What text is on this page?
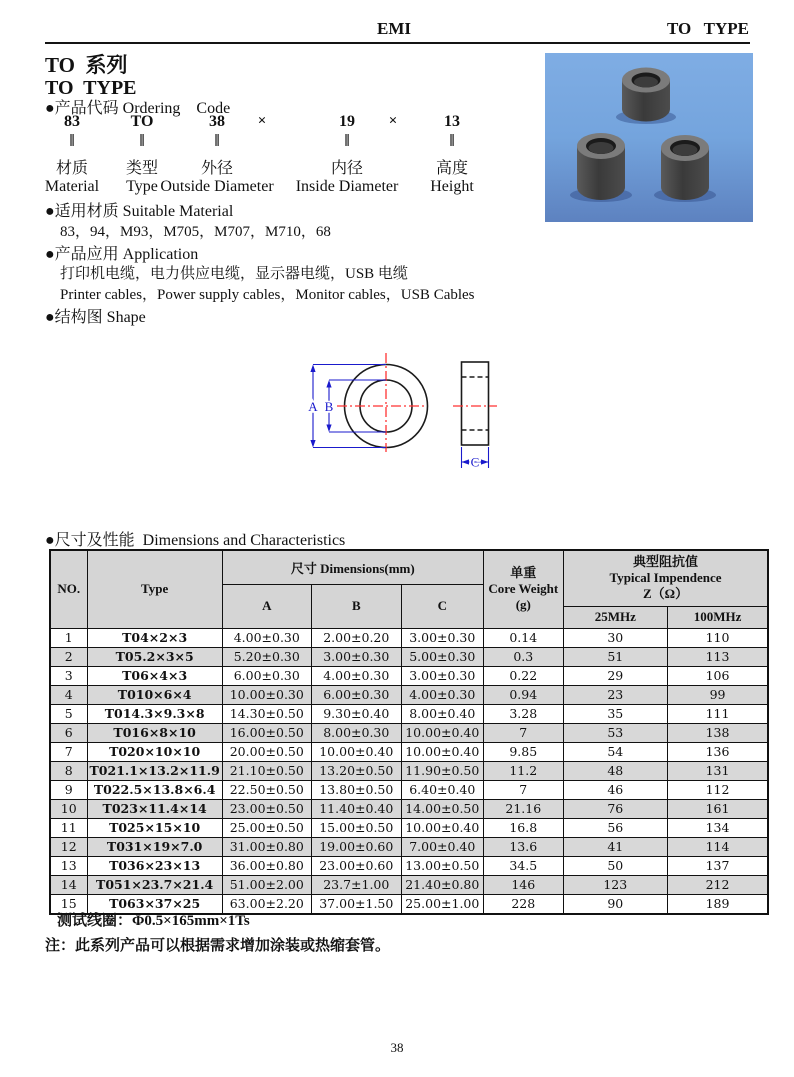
EMI	TO   TYPE
TO  系列
TO  TYPE
●产品代码 Ordering    Code
83
‖
材质
Material
TO
‖
类型
Type
38
‖
外径
Outside Diameter
19
‖
内径
Inside Diameter
13
‖
高度
Height
×	×
●适用材质 Suitable Material
83，94，M93，M705，M707，M710，68
●产品应用 Application
打印机电缆，电力供应电缆，显示器电缆，USB 电缆
Printer cables，Power supply cables，Monitor cables，USB Cables
●结构图 Shape
A B
C
●尺寸及性能  Dimensions and Characteristics
NO.	Type	尺寸 Dimensions(mm)			单重
Core Weight
(g)	典型阻抗值
Typical Impendence
Z（Ω）	

		A	B	C			
						25MHz	100MHz
1	T04×2×3	4.00±0.30	2.00±0.20	3.00±0.30	0.14	30	110
2	T05.2×3×5	5.20±0.30	3.00±0.30	5.00±0.30	0.3	51	113
3	T06×4×3	6.00±0.30	4.00±0.30	3.00±0.30	0.22	29	106
4	T010×6×4	10.00±0.30	6.00±0.30	4.00±0.30	0.94	23	99
5	T014.3×9.3×8	14.30±0.50	9.30±0.40	8.00±0.40	3.28	35	111
6	T016×8×10	16.00±0.50	8.00±0.30	10.00±0.40	7	53	138
7	T020×10×10	20.00±0.50	10.00±0.40	10.00±0.40	9.85	54	136
8	T021.1×13.2×11.9	21.10±0.50	13.20±0.50	11.90±0.50	11.2	48	131
9	T022.5×13.8×6.4	22.50±0.50	13.80±0.50	6.40±0.40	7	46	112
10	T023×11.4×14	23.00±0.50	11.40±0.40	14.00±0.50	21.16	76	161
11	T025×15×10	25.00±0.50	15.00±0.50	10.00±0.40	16.8	56	134
12	T031×19×7.0	31.00±0.80	19.00±0.60	7.00±0.40	13.6	41	114
13	T036×23×13	36.00±0.80	23.00±0.60	13.00±0.50	34.5	50	137
14	T051×23.7×21.4	51.00±2.00	23.7±1.00	21.40±0.80	146	123	212
15	T063×37×25	63.00±2.20	37.00±1.50	25.00±1.00	228	90	189
测试线圈：Φ0.5×165mm×1Ts
注：此系列产品可以根据需求增加涂装或热缩套管。
38
